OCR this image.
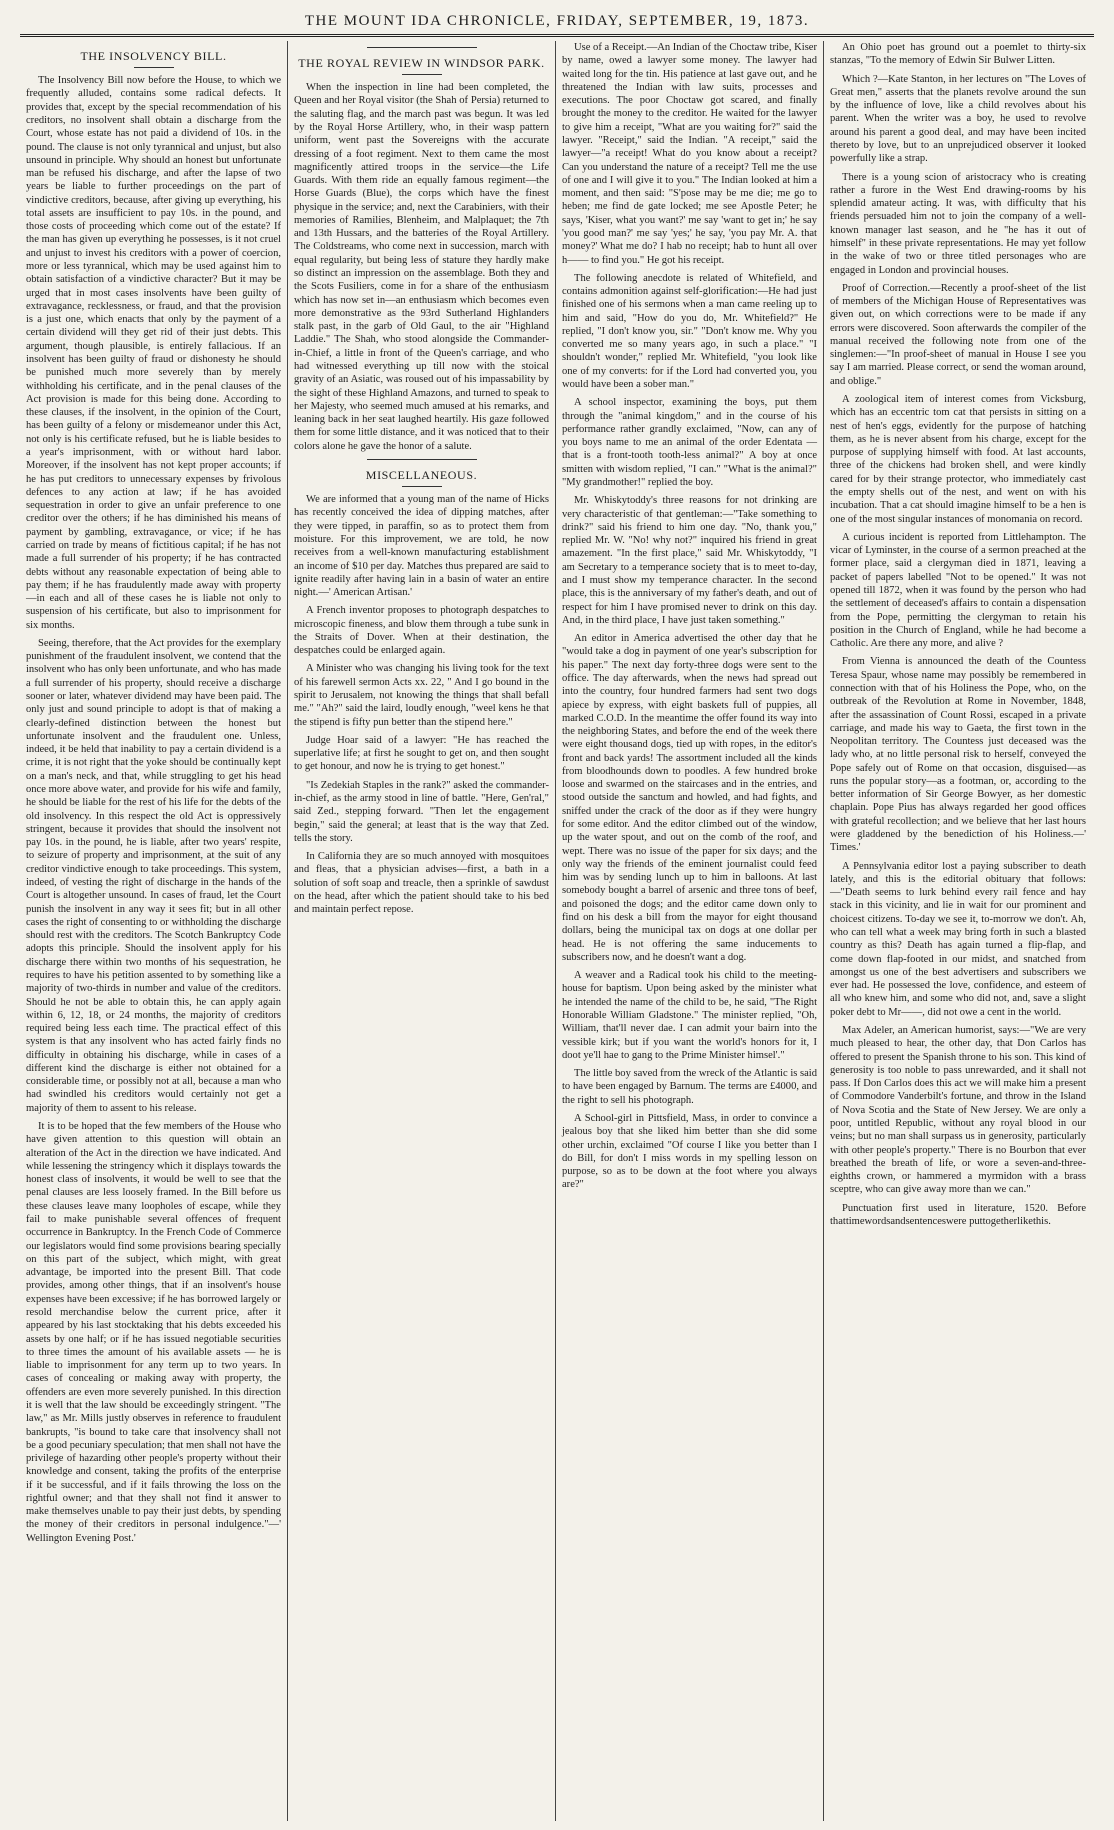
THE MOUNT IDA CHRONICLE, FRIDAY, SEPTEMBER, 19, 1873.
THE INSOLVENCY BILL.

The Insolvency Bill now before the House, to which we frequently alluded, contains some radical defects. It provides that, except by the special recommendation of his creditors, no insolvent shall obtain a discharge from the Court, whose estate has not paid a dividend of 10s. in the pound. The clause is not only tyrannical and unjust, but also unsound in principle. Why should an honest but unfortunate man be refused his discharge, and after the lapse of two years be liable to further proceedings on the part of vindictive creditors, because, after giving up everything, his total assets are insufficient to pay 10s. in the pound, and those costs of proceeding which come out of the estate? If the man has given up everything he possesses, is it not cruel and unjust to invest his creditors with a power of coercion, more or less tyrannical, which may be used against him to obtain satisfaction of a vindictive character? But it may be urged that in most cases insolvents have been guilty of extravagance, recklessness, or fraud, and that the provision is a just one, which enacts that only by the payment of a certain dividend will they get rid of their just debts. This argument, though plausible, is entirely fallacious. If an insolvent has been guilty of fraud or dishonesty he should be punished much more severely than by merely withholding his certificate, and in the penal clauses of the Act provision is made for this being done. According to these clauses, if the insolvent, in the opinion of the Court, has been guilty of a felony or misdemeanor under this Act, not only is his certificate refused, but he is liable besides to a year's imprisonment, with or without hard labor. Moreover, if the insolvent has not kept proper accounts; if he has put creditors to unnecessary expenses by frivolous defences to any action at law; if he has avoided sequestration in order to give an unfair preference to one creditor over the others; if he has diminished his means of payment by gambling, extravagance, or vice; if he has carried on trade by means of fictitious capital; if he has not made a full surrender of his property; if he has contracted debts without any reasonable expectation of being able to pay them; if he has fraudulently made away with property—in each and all of these cases he is liable not only to suspension of his certificate, but also to imprisonment for six months.

Seeing, therefore, that the Act provides for the exemplary punishment of the fraudulent insolvent, we contend that the insolvent who has only been unfortunate, and who has made a full surrender of his property, should receive a discharge sooner or later, whatever dividend may have been paid. The only just and sound principle to adopt is that of making a clearly-defined distinction between the honest but unfortunate insolvent and the fraudulent one. Unless, indeed, it be held that inability to pay a certain dividend is a crime, it is not right that the yoke should be continually kept on a man's neck, and that, while struggling to get his head once more above water, and provide for his wife and family, he should be liable for the rest of his life for the debts of the old insolvency. In this respect the old Act is oppressively stringent, because it provides that should the insolvent not pay 10s. in the pound, he is liable, after two years' respite, to seizure of property and imprisonment, at the suit of any creditor vindictive enough to take proceedings. This system, indeed, of vesting the right of discharge in the hands of the Court is altogether unsound. In cases of fraud, let the Court punish the insolvent in any way it sees fit; but in all other cases the right of consenting to or withholding the discharge should rest with the creditors. The Scotch Bankruptcy Code adopts this principle. Should the insolvent apply for his discharge there within two months of his sequestration, he requires to have his petition assented to by something like a majority of two-thirds in number and value of the creditors. Should he not be able to obtain this, he can apply again within 6, 12, 18, or 24 months, the majority of creditors required being less each time. The practical effect of this system is that any insolvent who has acted fairly finds no difficulty in obtaining his discharge, while in cases of a different kind the discharge is either not obtained for a considerable time, or possibly not at all, because a man who had swindled his creditors would certainly not get a majority of them to assent to his release.

It is to be hoped that the few members of the House who have given attention to this question will obtain an alteration of the Act in the direction we have indicated. And while lessening the stringency which it displays towards the honest class of insolvents, it would be well to see that the penal clauses are less loosely framed. In the Bill before us these clauses leave many loopholes of escape, while they fail to make punishable several offences of frequent occurrence in Bankruptcy. In the French Code of Commerce our legislators would find some provisions bearing specially on this part of the subject, which might, with great advantage, be imported into the present Bill. That code provides, among other things, that if an insolvent's house expenses have been excessive; if he has borrowed largely or resold merchandise below the current price, after it appeared by his last stocktaking that his debts exceeded his assets by one half; or if he has issued negotiable securities to three times the amount of his available assets — he is liable to imprisonment for any term up to two years. In cases of concealing or making away with property, the offenders are even more severely punished. In this direction it is well that the law should be exceedingly stringent. "The law," as Mr. Mills justly observes in reference to fraudulent bankrupts, "is bound to take care that insolvency shall not be a good pecuniary speculation; that men shall not have the privilege of hazarding other people's property without their knowledge and consent, taking the profits of the enterprise if it be successful, and if it fails throwing the loss on the rightful owner; and that they shall not find it answer to make themselves unable to pay their just debts, by spending the money of their creditors in personal indulgence."—' Wellington Evening Post.'

THE ROYAL REVIEW IN WINDSOR PARK.

When the inspection in line had been completed, the Queen and her Royal visitor (the Shah of Persia) returned to the saluting flag, and the march past was begun. It was led by the Royal Horse Artillery, who, in their wasp pattern uniform, went past the Sovereigns with the accurate dressing of a foot regiment. Next to them came the most magnificently attired troops in the service—the Life Guards. With them ride an equally famous regiment—the Horse Guards (Blue), the corps which have the finest physique in the service; and, next the Carabiniers, with their memories of Ramilies, Blenheim, and Malplaquet; the 7th and 13th Hussars, and the batteries of the Royal Artillery. The Coldstreams, who come next in succession, march with equal regularity, but being less of stature they hardly make so distinct an impression on the assemblage. Both they and the Scots Fusiliers, come in for a share of the enthusiasm which has now set in—an enthusiasm which becomes even more demonstrative as the 93rd Sutherland Highlanders stalk past, in the garb of Old Gaul, to the air "Highland Laddie." The Shah, who stood alongside the Commander-in-Chief, a little in front of the Queen's carriage, and who had witnessed everything up till now with the stoical gravity of an Asiatic, was roused out of his impassability by the sight of these Highland Amazons, and turned to speak to her Majesty, who seemed much amused at his remarks, and leaning back in her seat laughed heartily. His gaze followed them for some little distance, and it was noticed that to their colors alone he gave the honor of a salute.

MISCELLANEOUS.

We are informed that a young man of the name of Hicks has recently conceived the idea of dipping matches, after they were tipped, in paraffin, so as to protect them from moisture. For this improvement, we are told, he now receives from a well-known manufacturing establishment an income of $10 per day. Matches thus prepared are said to ignite readily after having lain in a basin of water an entire night.—' American Artisan.'

A French inventor proposes to photograph despatches to microscopic fineness, and blow them through a tube sunk in the Straits of Dover. When at their destination, the despatches could be enlarged again.

A Minister who was changing his living took for the text of his farewell sermon Acts xx. 22, " And I go bound in the spirit to Jerusalem, not knowing the things that shall befall me." "Ah?" said the laird, loudly enough, "weel kens he that the stipend is fifty pun better than the stipend here."

Judge Hoar said of a lawyer: "He has reached the superlative life; at first he sought to get on, and then sought to get honour, and now he is trying to get honest."

"Is Zedekiah Staples in the rank?" asked the commander-in-chief, as the army stood in line of battle. "Here, Gen'ral," said Zed., stepping forward. "Then let the engagement begin," said the general; at least that is the way that Zed. tells the story.

In California they are so much annoyed with mosquitoes and fleas, that a physician advises—first, a bath in a solution of soft soap and treacle, then a sprinkle of sawdust on the head, after which the patient should take to his bed and maintain perfect repose.

Use of a Receipt.—An Indian of the Choctaw tribe, Kiser by name, owed a lawyer some money. The lawyer had waited long for the tin. His patience at last gave out, and he threatened the Indian with law suits, processes and executions. The poor Choctaw got scared, and finally brought the money to the creditor. He waited for the lawyer to give him a receipt, "What are you waiting for?" said the lawyer. "Receipt," said the Indian. "A receipt," said the lawyer—"a receipt! What do you know about a receipt? Can you understand the nature of a receipt? Tell me the use of one and I will give it to you." The Indian looked at him a moment, and then said: "S'pose may be me die; me go to heben; me find de gate locked; me see Apostle Peter; he says, 'Kiser, what you want?' me say 'want to get in;' he say 'you good man?' me say 'yes;' he say, 'you pay Mr. A. that money?' What me do? I hab no receipt; hab to hunt all over h—— to find you." He got his receipt.

The following anecdote is related of Whitefield, and contains admonition against self-glorification:—He had just finished one of his sermons when a man came reeling up to him and said, "How do you do, Mr. Whitefield?" He replied, "I don't know you, sir." "Don't know me. Why you converted me so many years ago, in such a place." "I shouldn't wonder," replied Mr. Whitefield, "you look like one of my converts: for if the Lord had converted you, you would have been a sober man."

A school inspector, examining the boys, put them through the "animal kingdom," and in the course of his performance rather grandly exclaimed, "Now, can any of you boys name to me an animal of the order Edentata — that is a front-tooth tooth-less animal?" A boy at once smitten with wisdom replied, "I can." "What is the animal?" "My grandmother!" replied the boy.

Mr. Whiskytoddy's three reasons for not drinking are very characteristic of that gentleman:—"Take something to drink?" said his friend to him one day. "No, thank you," replied Mr. W. "No! why not?" inquired his friend in great amazement. "In the first place," said Mr. Whiskytoddy, "I am Secretary to a temperance society that is to meet to-day, and I must show my temperance character. In the second place, this is the anniversary of my father's death, and out of respect for him I have promised never to drink on this day. And, in the third place, I have just taken something."

An editor in America advertised the other day that he "would take a dog in payment of one year's subscription for his paper." The next day forty-three dogs were sent to the office. The day afterwards, when the news had spread out into the country, four hundred farmers had sent two dogs apiece by express, with eight baskets full of puppies, all marked C.O.D. In the meantime the offer found its way into the neighboring States, and before the end of the week there were eight thousand dogs, tied up with ropes, in the editor's front and back yards! The assortment included all the kinds from bloodhounds down to poodles. A few hundred broke loose and swarmed on the staircases and in the entries, and stood outside the sanctum and howled, and had fights, and sniffed under the crack of the door as if they were hungry for some editor. And the editor climbed out of the window, up the water spout, and out on the comb of the roof, and wept. There was no issue of the paper for six days; and the only way the friends of the eminent journalist could feed him was by sending lunch up to him in balloons. At last somebody bought a barrel of arsenic and three tons of beef, and poisoned the dogs; and the editor came down only to find on his desk a bill from the mayor for eight thousand dollars, being the municipal tax on dogs at one dollar per head. He is not offering the same inducements to subscribers now, and he doesn't want a dog.

A weaver and a Radical took his child to the meeting-house for baptism. Upon being asked by the minister what he intended the name of the child to be, he said, "The Right Honorable William Gladstone." The minister replied, "Oh, William, that'll never dae. I can admit your bairn into the vessible kirk; but if you want the world's honors for it, I doot ye'll hae to gang to the Prime Minister himsel'."

The little boy saved from the wreck of the Atlantic is said to have been engaged by Barnum. The terms are £4000, and the right to sell his photograph.

A School-girl in Pittsfield, Mass, in order to convince a jealous boy that she liked him better than she did some other urchin, exclaimed "Of course I like you better than I do Bill, for don't I miss words in my spelling lesson on purpose, so as to be down at the foot where you always are?"

An Ohio poet has ground out a poemlet to thirty-six stanzas, "To the memory of Edwin Sir Bulwer Litten.

Which ?—Kate Stanton, in her lectures on "The Loves of Great men," asserts that the planets revolve around the sun by the influence of love, like a child revolves about his parent. When the writer was a boy, he used to revolve around his parent a good deal, and may have been incited thereto by love, but to an unprejudiced observer it looked powerfully like a strap.

There is a young scion of aristocracy who is creating rather a furore in the West End drawing-rooms by his splendid amateur acting. It was, with difficulty that his friends persuaded him not to join the company of a well-known manager last season, and he "he has it out of himself" in these private representations. He may yet follow in the wake of two or three titled personages who are engaged in London and provincial houses.

Proof of Correction.—Recently a proof-sheet of the list of members of the Michigan House of Representatives was given out, on which corrections were to be made if any errors were discovered. Soon afterwards the compiler of the manual received the following note from one of the singlemen:—"In proof-sheet of manual in House I see you say I am married. Please correct, or send the woman around, and oblige."

A zoological item of interest comes from Vicksburg, which has an eccentric tom cat that persists in sitting on a nest of hen's eggs, evidently for the purpose of hatching them, as he is never absent from his charge, except for the purpose of supplying himself with food. At last accounts, three of the chickens had broken shell, and were kindly cared for by their strange protector, who immediately cast the empty shells out of the nest, and went on with his incubation. That a cat should imagine himself to be a hen is one of the most singular instances of monomania on record.

A curious incident is reported from Littlehampton. The vicar of Lyminster, in the course of a sermon preached at the former place, said a clergyman died in 1871, leaving a packet of papers labelled "Not to be opened." It was not opened till 1872, when it was found by the person who had the settlement of deceased's affairs to contain a dispensation from the Pope, permitting the clergyman to retain his position in the Church of England, while he had become a Catholic. Are there any more, and alive ?

From Vienna is announced the death of the Countess Teresa Spaur, whose name may possibly be remembered in connection with that of his Holiness the Pope, who, on the outbreak of the Revolution at Rome in November, 1848, after the assassination of Count Rossi, escaped in a private carriage, and made his way to Gaeta, the first town in the Neopolitan territory. The Countess just deceased was the lady who, at no little personal risk to herself, conveyed the Pope safely out of Rome on that occasion, disguised—as runs the popular story—as a footman, or, according to the better information of Sir George Bowyer, as her domestic chaplain. Pope Pius has always regarded her good offices with grateful recollection; and we believe that her last hours were gladdened by the benediction of his Holiness.—' Times.'

A Pennsylvania editor lost a paying subscriber to death lately, and this is the editorial obituary that follows:—"Death seems to lurk behind every rail fence and hay stack in this vicinity, and lie in wait for our prominent and choicest citizens. To-day we see it, to-morrow we don't. Ah, who can tell what a week may bring forth in such a blasted country as this? Death has again turned a flip-flap, and come down flap-footed in our midst, and snatched from amongst us one of the best advertisers and subscribers we ever had. He possessed the love, confidence, and esteem of all who knew him, and some who did not, and, save a slight poker debt to Mr——, did not owe a cent in the world.

Max Adeler, an American humorist, says:—"We are very much pleased to hear, the other day, that Don Carlos has offered to present the Spanish throne to his son. This kind of generosity is too noble to pass unrewarded, and it shall not pass. If Don Carlos does this act we will make him a present of Commodore Vanderbilt's fortune, and throw in the Island of Nova Scotia and the State of New Jersey. We are only a poor, untitled Republic, without any royal blood in our veins; but no man shall surpass us in generosity, particularly with other people's property." There is no Bourbon that ever breathed the breath of life, or wore a seven-and-three-eighths crown, or hammered a myrmidon with a brass sceptre, who can give away more than we can."

Punctuation first used in literature, 1520. Before thattimewordsandsentenceswere puttogetherlikethis.
